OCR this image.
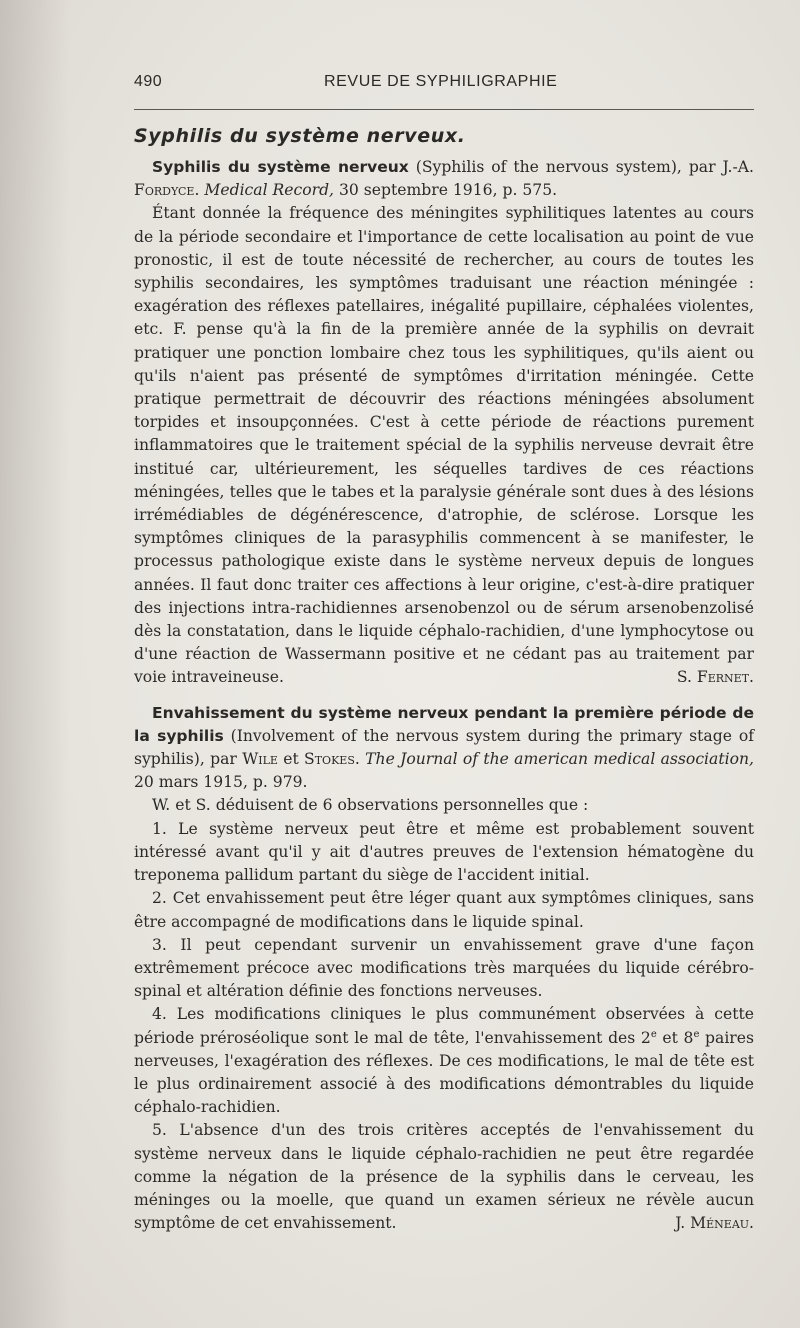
490	REVUE DE SYPHILIGRAPHIE
Syphilis du système nerveux.

Syphilis du système nerveux (Syphilis of the nervous system), par J.-A. Fordyce. Medical Record, 30 septembre 1916, p. 575.

Étant donnée la fréquence des méningites syphilitiques latentes au cours de la période secondaire et l'importance de cette localisation au point de vue pronostic, il est de toute nécessité de rechercher, au cours de toutes les syphilis secondaires, les symptômes traduisant une réaction méningée : exagération des réflexes patellaires, inégalité pupillaire, céphalées violentes, etc. F. pense qu'à la fin de la première année de la syphilis on devrait pratiquer une ponction lombaire chez tous les syphilitiques, qu'ils aient ou qu'ils n'aient pas présenté de symptômes d'irritation méningée. Cette pratique permettrait de découvrir des réactions méningées absolument torpides et insoupçonnées. C'est à cette période de réactions purement inflammatoires que le traitement spécial de la syphilis nerveuse devrait être institué car, ultérieurement, les séquelles tardives de ces réactions méningées, telles que le tabes et la paralysie générale sont dues à des lésions irrémédiables de dégénérescence, d'atrophie, de sclérose. Lorsque les symptômes cliniques de la parasyphilis commencent à se manifester, le processus pathologique existe dans le système nerveux depuis de longues années. Il faut donc traiter ces affections à leur origine, c'est-à-dire pratiquer des injections intra-rachidiennes arsenobenzol ou de sérum arsenobenzolisé dès la constatation, dans le liquide céphalo-rachidien, d'une lymphocytose ou d'une réaction de Wassermann positive et ne cédant pas au traitement par voie intraveineuse.	S. Fernet.

Envahissement du système nerveux pendant la première période de la syphilis (Involvement of the nervous system during the primary stage of syphilis), par Wile et Stokes. The Journal of the american medical association, 20 mars 1915, p. 979.

W. et S. déduisent de 6 observations personnelles que :

1. Le système nerveux peut être et même est probablement souvent intéressé avant qu'il y ait d'autres preuves de l'extension hématogène du treponema pallidum partant du siège de l'accident initial.

2. Cet envahissement peut être léger quant aux symptômes cliniques, sans être accompagné de modifications dans le liquide spinal.

3. Il peut cependant survenir un envahissement grave d'une façon extrêmement précoce avec modifications très marquées du liquide cérébro-spinal et altération définie des fonctions nerveuses.

4. Les modifications cliniques le plus communément observées à cette période préroséolique sont le mal de tête, l'envahissement des 2e et 8e paires nerveuses, l'exagération des réflexes. De ces modifications, le mal de tête est le plus ordinairement associé à des modifications démontrables du liquide céphalo-rachidien.

5. L'absence d'un des trois critères acceptés de l'envahissement du système nerveux dans le liquide céphalo-rachidien ne peut être regardée comme la négation de la présence de la syphilis dans le cerveau, les méninges ou la moelle, que quand un examen sérieux ne révèle aucun symptôme de cet envahissement.	J. Méneau.
